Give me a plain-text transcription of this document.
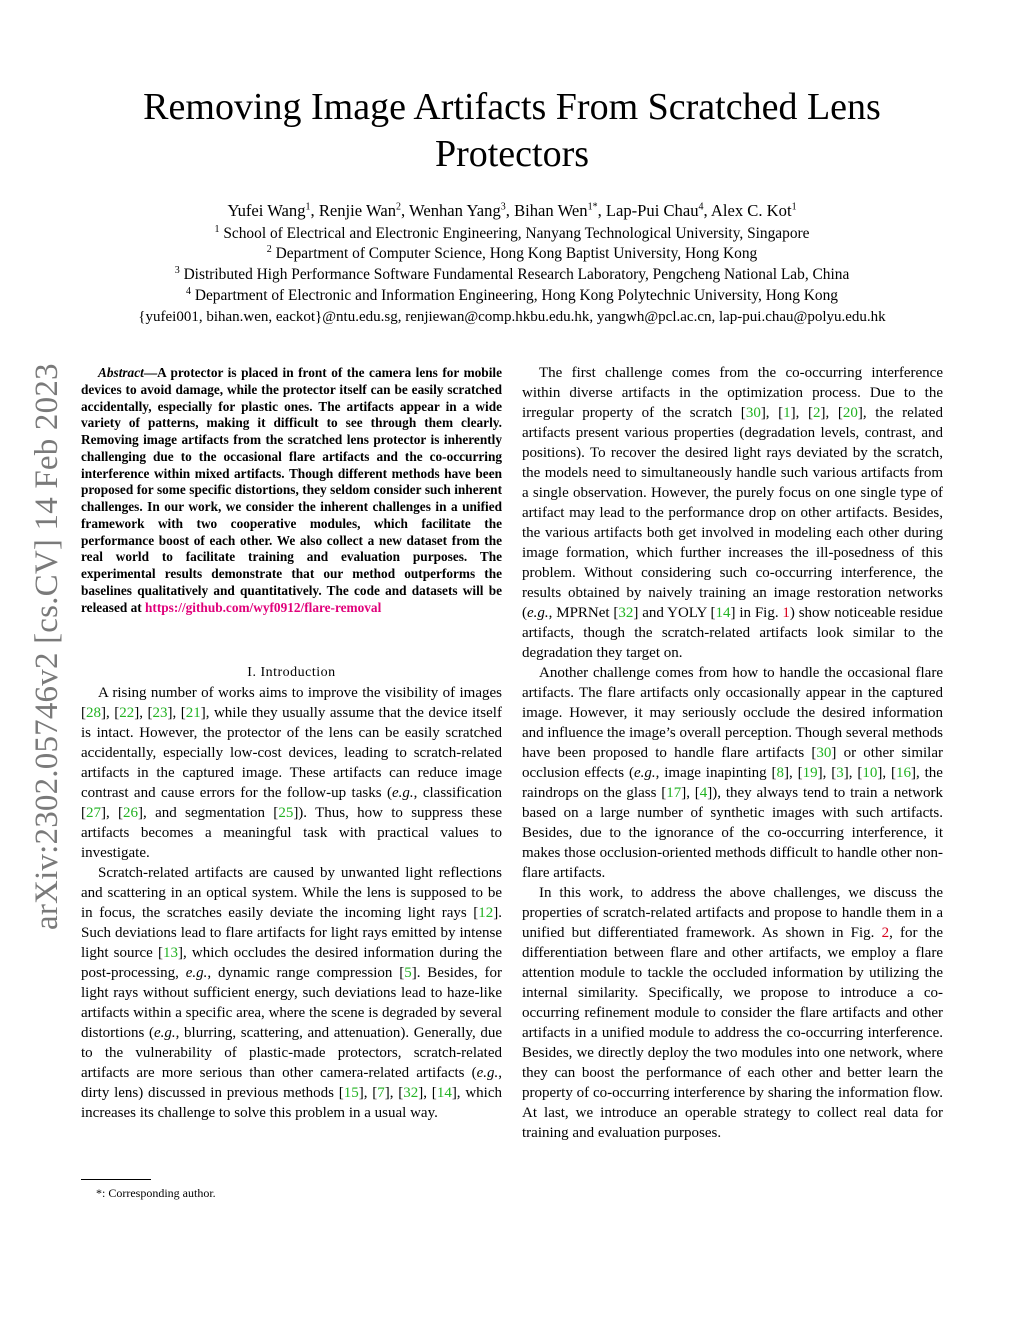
arXiv:2302.05746v2 [cs.CV] 14 Feb 2023
Removing Image Artifacts From Scratched Lens Protectors
Yufei Wang$^1$, Renjie Wan$^2$, Wenhan Yang$^3$, Bihan Wen$^{1*}$, Lap-Pui Chau$^4$, Alex C. Kot$^1$
$^1$ School of Electrical and Electronic Engineering, Nanyang Technological University, Singapore
$^2$ Department of Computer Science, Hong Kong Baptist University, Hong Kong
$^3$ Distributed High Performance Software Fundamental Research Laboratory, Pengcheng National Lab, China
$^4$ Department of Electronic and Information Engineering, Hong Kong Polytechnic University, Hong Kong
{yufei001, bihan.wen, eackot}@ntu.edu.sg, renjiewan@comp.hkbu.edu.hk, yangwh@pcl.ac.cn, lap-pui.chau@polyu.edu.hk
Abstract—A protector is placed in front of the camera lens for mobile devices to avoid damage, while the protector itself can be easily scratched accidentally, especially for plastic ones. The artifacts appear in a wide variety of patterns, making it difficult to see through them clearly. Removing image artifacts from the scratched lens protector is inherently challenging due to the occasional flare artifacts and the co-occurring interference within mixed artifacts. Though different methods have been proposed for some specific distortions, they seldom consider such inherent challenges. In our work, we consider the inherent challenges in a unified framework with two cooperative modules, which facilitate the performance boost of each other. We also collect a new dataset from the real world to facilitate training and evaluation purposes. The experimental results demonstrate that our method outperforms the baselines qualitatively and quantitatively. The code and datasets will be released at https://github.com/wyf0912/flare-removal
I. Introduction

A rising number of works aims to improve the visibility of images [28], [22], [23], [21], while they usually assume that the device itself is intact. However, the protector of the lens can be easily scratched accidentally, especially low-cost devices, leading to scratch-related artifacts in the captured image. These artifacts can reduce image contrast and cause errors for the follow-up tasks (e.g., classification [27], [26], and segmentation [25]). Thus, how to suppress these artifacts becomes a meaningful task with practical values to investigate.

Scratch-related artifacts are caused by unwanted light reflections and scattering in an optical system. While the lens is supposed to be in focus, the scratches easily deviate the incoming light rays [12]. Such deviations lead to flare artifacts for light rays emitted by intense light source [13], which occludes the desired information during the post-processing, e.g., dynamic range compression [5]. Besides, for light rays without sufficient energy, such deviations lead to haze-like artifacts within a specific area, where the scene is degraded by several distortions (e.g., blurring, scattering, and attenuation). Generally, due to the vulnerability of plastic-made protectors, scratch-related artifacts are more serious than other camera-related artifacts (e.g., dirty lens) discussed in previous methods [15], [7], [32], [14], which increases its challenge to solve this problem in a usual way.

*: Corresponding author.

The first challenge comes from the co-occurring interference within diverse artifacts in the optimization process. Due to the irregular property of the scratch [30], [1], [2], [20], the related artifacts present various properties (degradation levels, contrast, and positions). To recover the desired light rays deviated by the scratch, the models need to simultaneously handle such various artifacts from a single observation. However, the purely focus on one single type of artifact may lead to the performance drop on other artifacts. Besides, the various artifacts both get involved in modeling each other during image formation, which further increases the ill-posedness of this problem. Without considering such co-occurring interference, the results obtained by naively training an image restoration networks (e.g., MPRNet [32] and YOLY [14] in Fig. 1) show noticeable residue artifacts, though the scratch-related artifacts look similar to the degradation they target on.

Another challenge comes from how to handle the occasional flare artifacts. The flare artifacts only occasionally appear in the captured image. However, it may seriously occlude the desired information and influence the image’s overall perception. Though several methods have been proposed to handle flare artifacts [30] or other similar occlusion effects (e.g., image inapinting [8], [19], [3], [10], [16], the raindrops on the glass [17], [4]), they always tend to train a network based on a large number of synthetic images with such artifacts. Besides, due to the ignorance of the co-occurring interference, it makes those occlusion-oriented methods difficult to handle other non-flare artifacts.

In this work, to address the above challenges, we discuss the properties of scratch-related artifacts and propose to handle them in a unified but differentiated framework. As shown in Fig. 2, for the differentiation between flare and other artifacts, we employ a flare attention module to tackle the occluded information by utilizing the internal similarity. Specifically, we propose to introduce a co-occurring refinement module to consider the flare artifacts and other artifacts in a unified module to address the co-occurring interference. Besides, we directly deploy the two modules into one network, where they can boost the performance of each other and better learn the property of co-occurring interference by sharing the information flow. At last, we introduce an operable strategy to collect real data for training and evaluation purposes.
